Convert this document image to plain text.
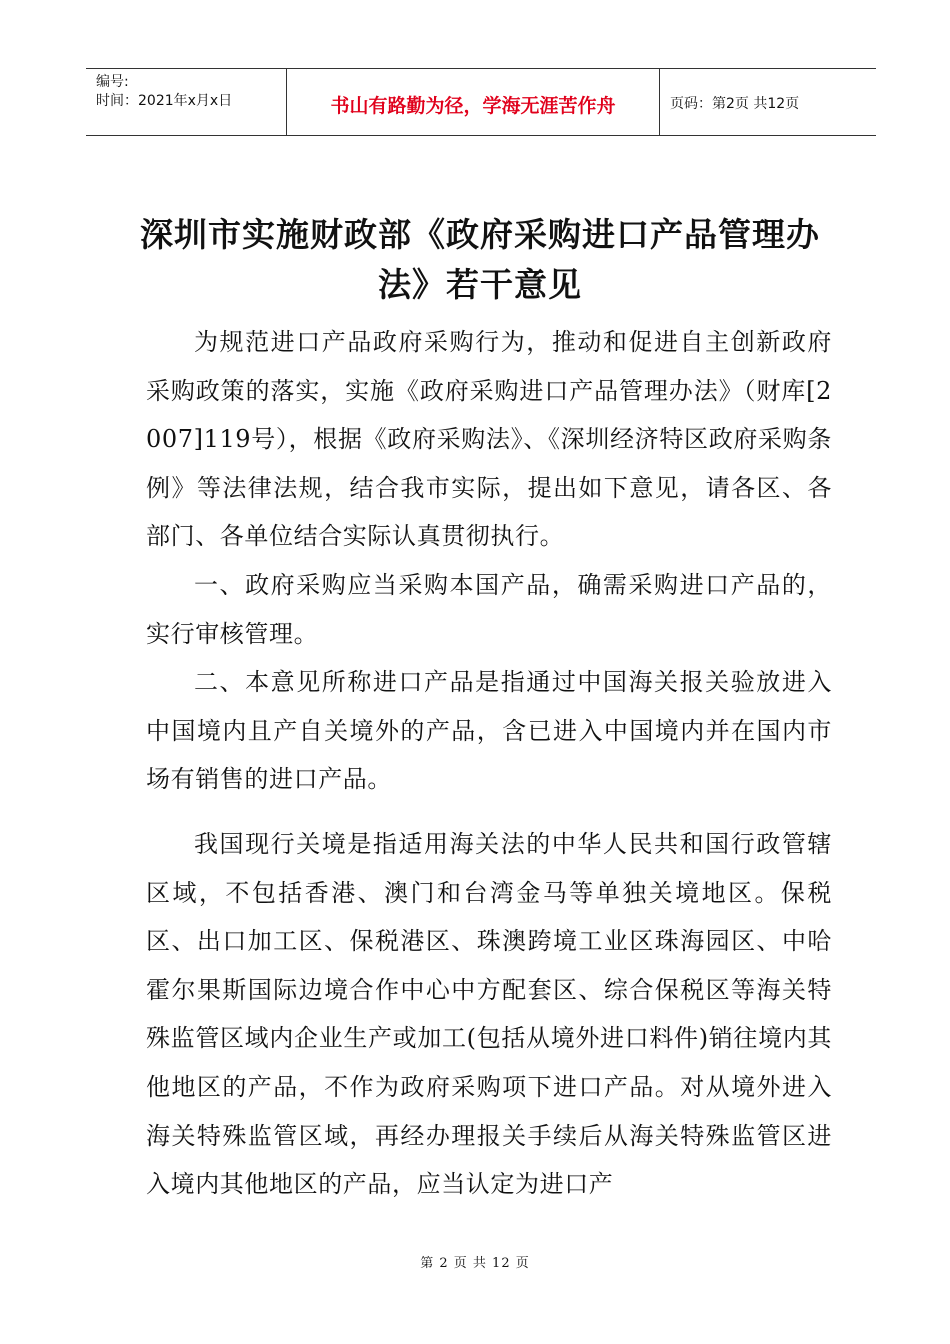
编号:
时间：2021年x月x日	书山有路勤为径，学海无涯苦作舟	页码：第2页 共12页
深圳市实施财政部《政府采购进口产品管理办法》若干意见

为规范进口产品政府采购行为，推动和促进自主创新政府采购政策的落实，实施《政府采购进口产品管理办法》（财库[2007]119号），根据《政府采购法》、《深圳经济特区政府采购条例》等法律法规，结合我市实际，提出如下意见，请各区、各部门、各单位结合实际认真贯彻执行。

一、政府采购应当采购本国产品，确需采购进口产品的，实行审核管理。

二、本意见所称进口产品是指通过中国海关报关验放进入中国境内且产自关境外的产品，含已进入中国境内并在国内市场有销售的进口产品。

我国现行关境是指适用海关法的中华人民共和国行政管辖区域，不包括香港、澳门和台湾金马等单独关境地区。保税区、出口加工区、保税港区、珠澳跨境工业区珠海园区、中哈霍尔果斯国际边境合作中心中方配套区、综合保税区等海关特殊监管区域内企业生产或加工(包括从境外进口料件)销往境内其他地区的产品，不作为政府采购项下进口产品。对从境外进入海关特殊监管区域，再经办理报关手续后从海关特殊监管区进入境内其他地区的产品，应当认定为进口产

第 2 页 共 12 页
